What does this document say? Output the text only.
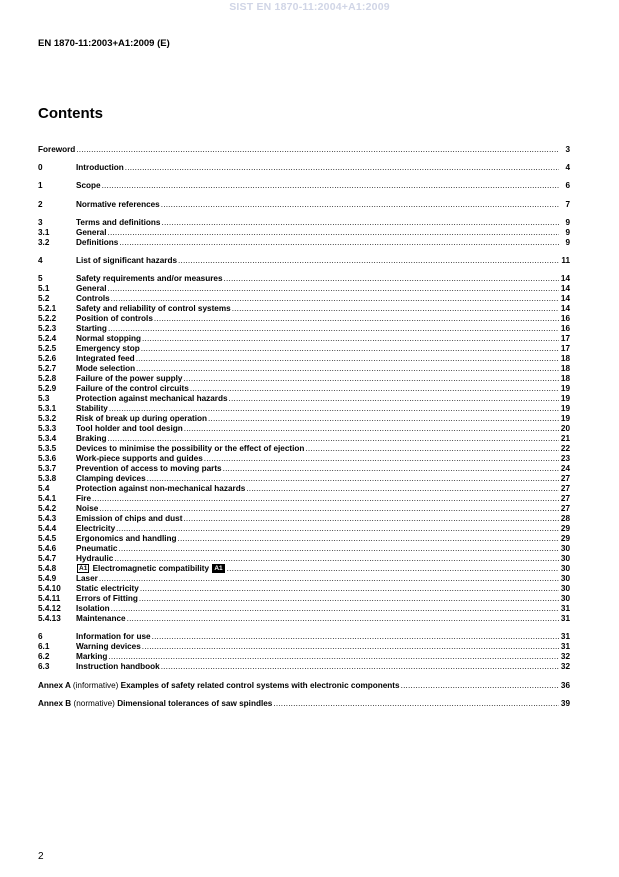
SIST EN 1870-11:2004+A1:2009
EN 1870-11:2003+A1:2009 (E)
Contents
Foreword .....	3
0	Introduction .....	4
1	Scope .....	6
2	Normative references .....	7
3	Terms and definitions .....	9
3.1	General .....	9
3.2	Definitions .....	9
4	List of significant hazards .....	11
5	Safety requirements and/or measures .....	14
5.1	General .....	14
5.2	Controls .....	14
5.2.1	Safety and reliability of control systems .....	14
5.2.2	Position of controls .....	16
5.2.3	Starting .....	16
5.2.4	Normal stopping .....	17
5.2.5	Emergency stop .....	17
5.2.6	Integrated feed .....	18
5.2.7	Mode selection .....	18
5.2.8	Failure of the power supply .....	18
5.2.9	Failure of the control circuits .....	19
5.3	Protection against mechanical hazards .....	19
5.3.1	Stability .....	19
5.3.2	Risk of break up during operation .....	19
5.3.3	Tool holder and tool design .....	20
5.3.4	Braking .....	21
5.3.5	Devices to minimise the possibility or the effect of ejection .....	22
5.3.6	Work-piece supports and guides .....	23
5.3.7	Prevention of access to moving parts .....	24
5.3.8	Clamping devices .....	27
5.4	Protection against non-mechanical hazards .....	27
5.4.1	Fire .....	27
5.4.2	Noise .....	27
5.4.3	Emission of chips and dust .....	28
5.4.4	Electricity .....	29
5.4.5	Ergonomics and handling .....	29
5.4.6	Pneumatic .....	30
5.4.7	Hydraulic .....	30
5.4.8	A1 Electromagnetic compatibility A1 .....	30
5.4.9	Laser .....	30
5.4.10	Static electricity .....	30
5.4.11	Errors of Fitting .....	30
5.4.12	Isolation .....	31
5.4.13	Maintenance .....	31
6	Information for use .....	31
6.1	Warning devices .....	31
6.2	Marking .....	32
6.3	Instruction handbook .....	32
Annex A (informative) Examples of safety related control systems with electronic components .....	36
Annex B (normative) Dimensional tolerances of saw spindles .....	39
2
